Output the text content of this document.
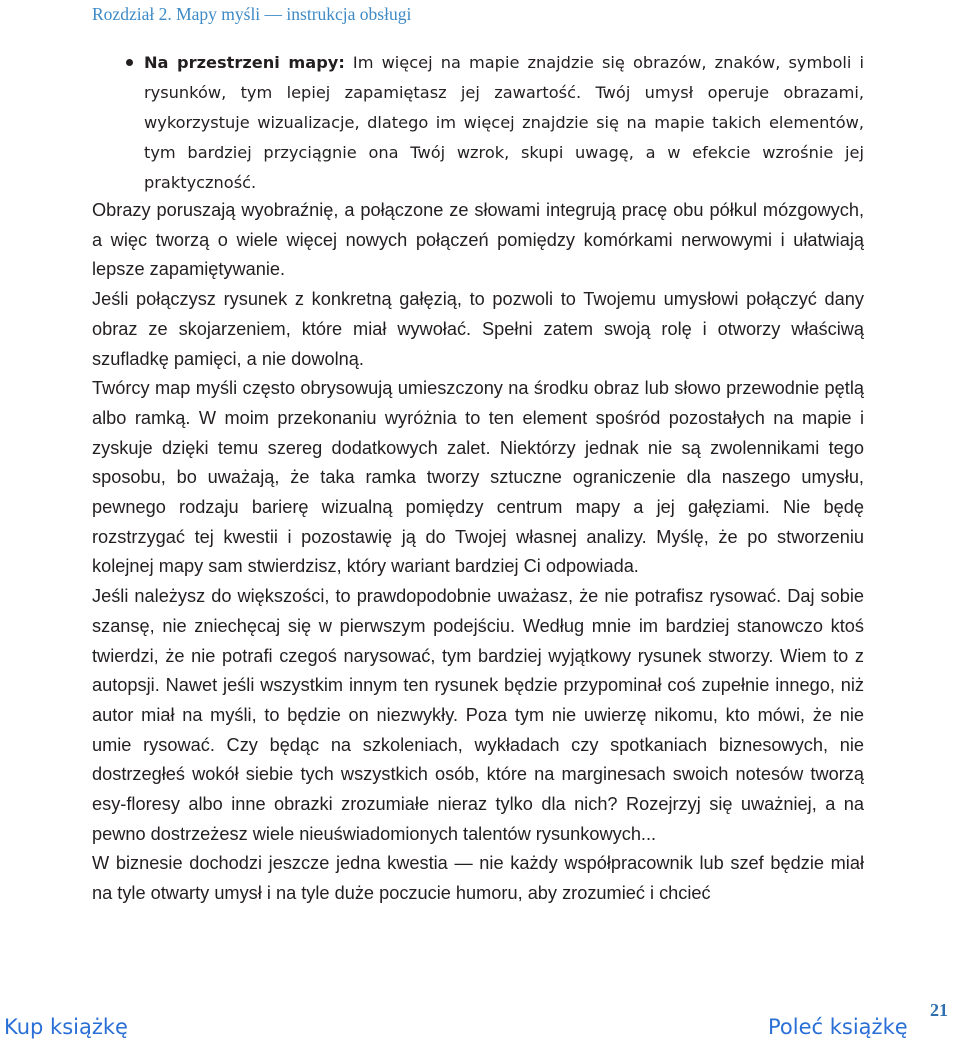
Rozdział 2. Mapy myśli — instrukcja obsługi
Na przestrzeni mapy: Im więcej na mapie znajdzie się obrazów, znaków, symboli i rysunków, tym lepiej zapamiętasz jej zawartość. Twój umysł operuje obrazami, wykorzystuje wizualizacje, dlatego im więcej znajdzie się na mapie takich elementów, tym bardziej przyciągnie ona Twój wzrok, skupi uwagę, a w efekcie wzrośnie jej praktyczność.

Obrazy poruszają wyobraźnię, a połączone ze słowami integrują pracę obu półkul mózgowych, a więc tworzą o wiele więcej nowych połączeń pomiędzy komórkami nerwowymi i ułatwiają lepsze zapamiętywanie.

Jeśli połączysz rysunek z konkretną gałęzią, to pozwoli to Twojemu umysłowi połączyć dany obraz ze skojarzeniem, które miał wywołać. Spełni zatem swoją rolę i otworzy właściwą szufladkę pamięci, a nie dowolną.

Twórcy map myśli często obrysowują umieszczony na środku obraz lub słowo przewodnie pętlą albo ramką. W moim przekonaniu wyróżnia to ten element spośród pozostałych na mapie i zyskuje dzięki temu szereg dodatkowych zalet. Niektórzy jednak nie są zwolennikami tego sposobu, bo uważają, że taka ramka tworzy sztuczne ograniczenie dla naszego umysłu, pewnego rodzaju barierę wizualną pomiędzy centrum mapy a jej gałęziami. Nie będę rozstrzygać tej kwestii i pozostawię ją do Twojej własnej analizy. Myślę, że po stworzeniu kolejnej mapy sam stwierdzisz, który wariant bardziej Ci odpowiada.

Jeśli należysz do większości, to prawdopodobnie uważasz, że nie potrafisz rysować. Daj sobie szansę, nie zniechęcaj się w pierwszym podejściu. Według mnie im bardziej stanowczo ktoś twierdzi, że nie potrafi czegoś narysować, tym bardziej wyjątkowy rysunek stworzy. Wiem to z autopsji. Nawet jeśli wszystkim innym ten rysunek będzie przypominał coś zupełnie innego, niż autor miał na myśli, to będzie on niezwykły. Poza tym nie uwierzę nikomu, kto mówi, że nie umie rysować. Czy będąc na szkoleniach, wykładach czy spotkaniach biznesowych, nie dostrzegłeś wokół siebie tych wszystkich osób, które na marginesach swoich notesów tworzą esy-floresy albo inne obrazki zrozumiałe nieraz tylko dla nich? Rozejrzyj się uważniej, a na pewno dostrzeżesz wiele nieuświadomionych talentów rysunkowych...

W biznesie dochodzi jeszcze jedna kwestia — nie każdy współpracownik lub szef będzie miał na tyle otwarty umysł i na tyle duże poczucie humoru, aby zrozumieć i chcieć

Kup książkę	Poleć książkę
21
